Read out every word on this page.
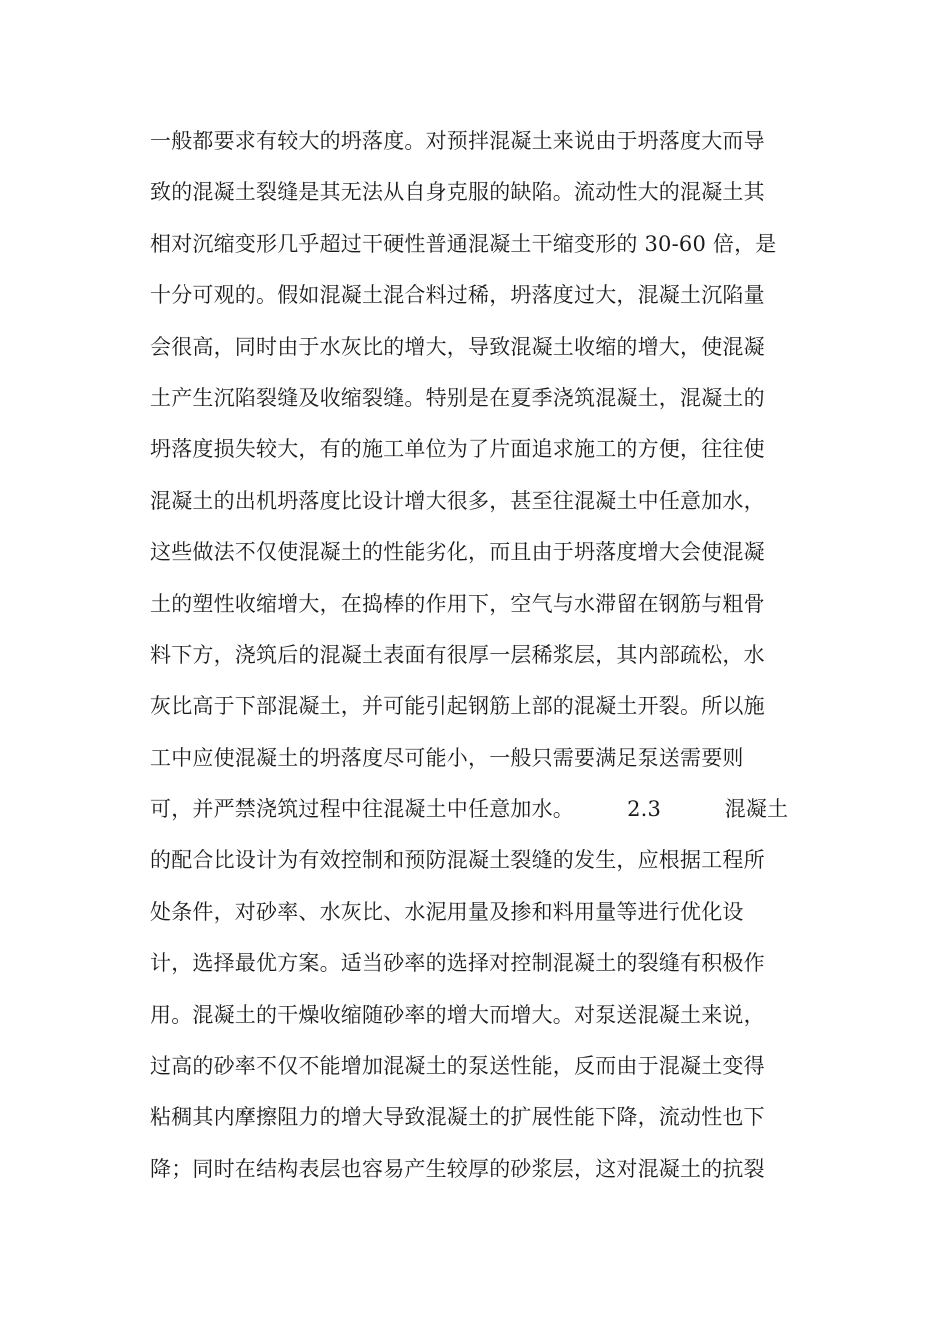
一般都要求有较大的坍落度。对预拌混凝土来说由于坍落度大而导
致的混凝土裂缝是其无法从自身克服的缺陷。流动性大的混凝土其
相对沉缩变形几乎超过干硬性普通混凝土干缩变形的 30-60 倍，是
十分可观的。假如混凝土混合料过稀，坍落度过大，混凝土沉陷量
会很高，同时由于水灰比的增大，导致混凝土收缩的增大，使混凝
土产生沉陷裂缝及收缩裂缝。特别是在夏季浇筑混凝土，混凝土的
坍落度损失较大，有的施工单位为了片面追求施工的方便，往往使
混凝土的出机坍落度比设计增大很多，甚至往混凝土中任意加水，
这些做法不仅使混凝土的性能劣化，而且由于坍落度增大会使混凝
土的塑性收缩增大，在捣棒的作用下，空气与水滞留在钢筋与粗骨
料下方，浇筑后的混凝土表面有很厚一层稀浆层，其内部疏松，水
灰比高于下部混凝土，并可能引起钢筋上部的混凝土开裂。所以施
工中应使混凝土的坍落度尽可能小，一般只需要满足泵送需要则
可，并严禁浇筑过程中往混凝土中任意加水。　　　2.3　　　混凝土
的配合比设计为有效控制和预防混凝土裂缝的发生，应根据工程所
处条件，对砂率、水灰比、水泥用量及掺和料用量等进行优化设
计，选择最优方案。适当砂率的选择对控制混凝土的裂缝有积极作
用。混凝土的干燥收缩随砂率的增大而增大。对泵送混凝土来说，
过高的砂率不仅不能增加混凝土的泵送性能，反而由于混凝土变得
粘稠其内摩擦阻力的增大导致混凝土的扩展性能下降，流动性也下
降；同时在结构表层也容易产生较厚的砂浆层，这对混凝土的抗裂
